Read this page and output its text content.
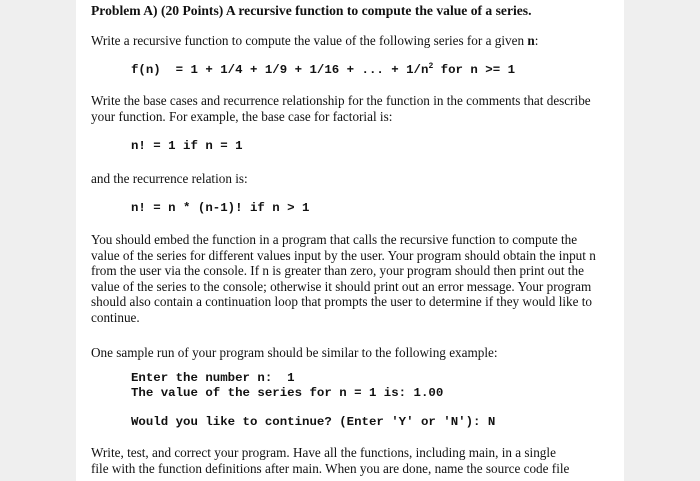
Problem A) (20 Points) A recursive function to compute the value of a series.
Write a recursive function to compute the value of the following series for a given n:
f(n)  = 1 + 1/4 + 1/9 + 1/16 + ... + $1/n^2$ for n >= 1
Write the base cases and recurrence relationship for the function in the comments that describe
your function. For example, the base case for factorial is:
n! = 1 if n = 1
and the recurrence relation is:
n! = n * (n-1)! if n > 1
You should embed the function in a program that calls the recursive function to compute the
value of the series for different values input by the user. Your program should obtain the input n
from the user via the console. If n is greater than zero, your program should then print out the
value of the series to the console; otherwise it should print out an error message. Your program
should also contain a continuation loop that prompts the user to determine if they would like to
continue.
One sample run of your program should be similar to the following example:
Enter the number n:  1
The value of the series for n = 1 is: 1.00
Would you like to continue? (Enter 'Y' or 'N'): N
Write, test, and correct your program. Have all the functions, including main, in a single
file with the function definitions after main. When you are done, name the source code file
